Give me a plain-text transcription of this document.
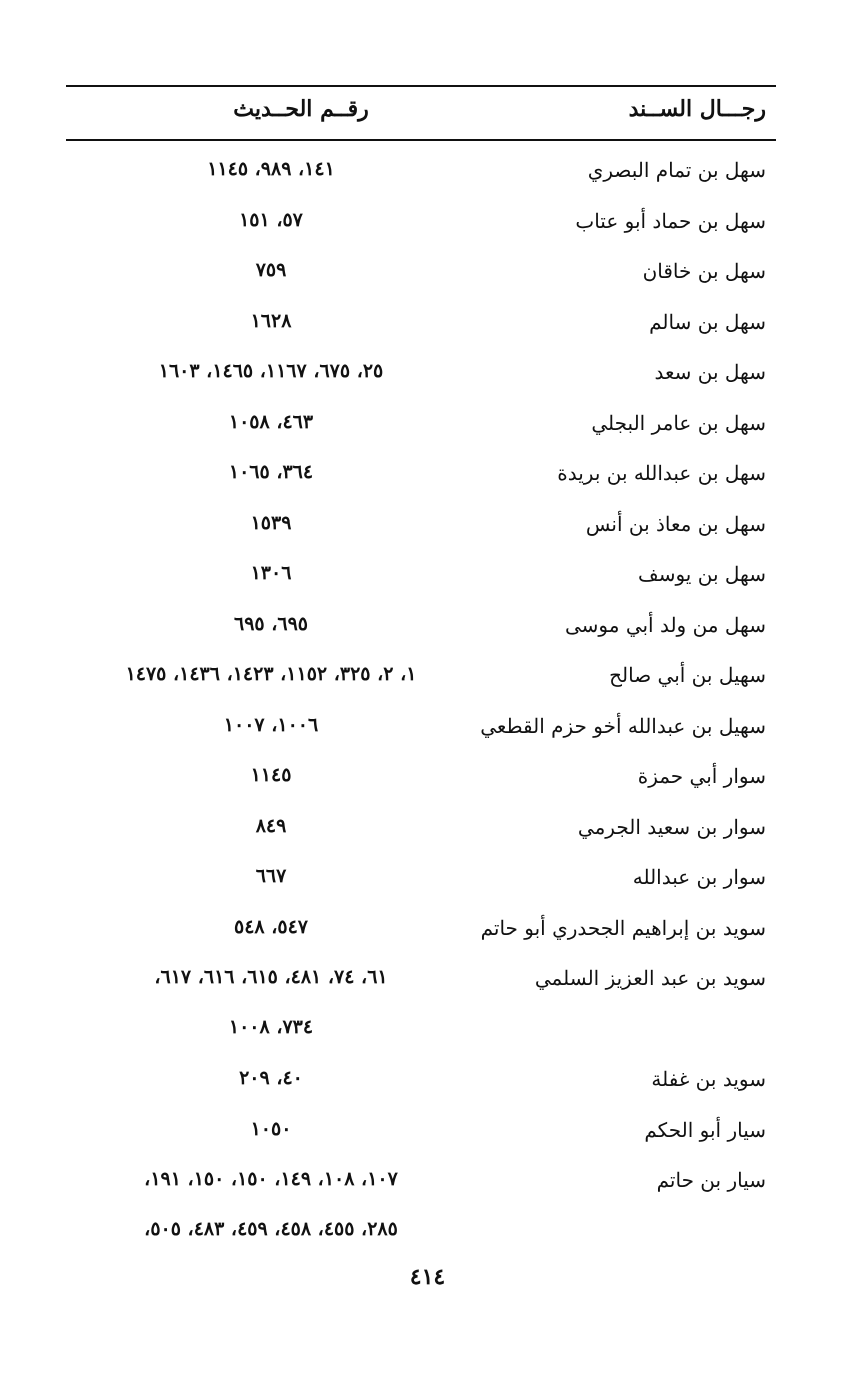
رجـــال الســند
رقــم الحــديث
سهل بن تمام البصري
١٤١، ٩٨٩، ١١٤٥
سهل بن حماد أبو عتاب
٥٧، ١٥١
سهل بن خاقان
٧٥٩
سهل بن سالم
١٦٢٨
سهل بن سعد
٢٥، ٦٧٥، ١١٦٧، ١٤٦٥، ١٦٠٣
سهل بن عامر البجلي
٤٦٣، ١٠٥٨
سهل بن عبدالله بن بريدة
٣٦٤، ١٠٦٥
سهل بن معاذ بن أنس
١٥٣٩
سهل بن يوسف
١٣٠٦
سهل من ولد أبي موسى
٦٩٥، ٦٩٥
سهيل بن أبي صالح
١، ٢، ٣٢٥، ١١٥٢، ١٤٢٣، ١٤٣٦، ١٤٧٥
سهيل بن عبدالله أخو حزم القطعي
١٠٠٦، ١٠٠٧
سوار أبي حمزة
١١٤٥
سوار بن سعيد الجرمي
٨٤٩
سوار بن عبدالله
٦٦٧
سويد بن إبراهيم الجحدري أبو حاتم
٥٤٧، ٥٤٨
سويد بن عبد العزيز السلمي
٦١، ٧٤، ٤٨١، ٦١٥، ٦١٦، ٦١٧،
٧٣٤، ١٠٠٨
سويد بن غفلة
٤٠، ٢٠٩
سيار أبو الحكم
١٠٥٠
سيار بن حاتم
١٠٧، ١٠٨، ١٤٩، ١٥٠، ١٥٠، ١٩١،
٢٨٥، ٤٥٥، ٤٥٨، ٤٥٩، ٤٨٣، ٥٠٥،
٤١٤
